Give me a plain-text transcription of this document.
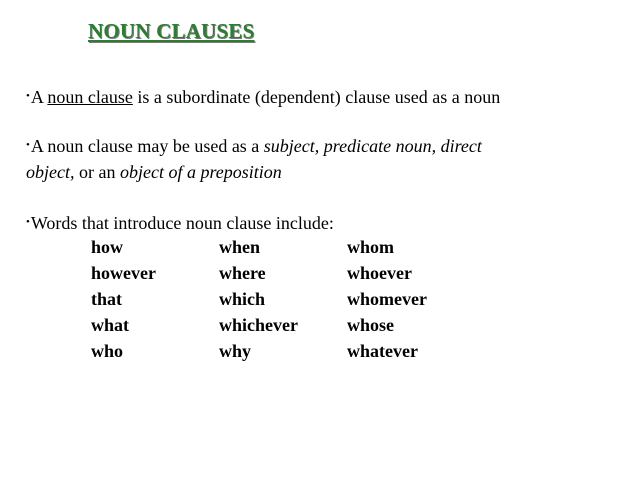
NOUN CLAUSES
•A noun clause is a subordinate (dependent) clause used as a noun
•A noun clause may be used as a subject, predicate noun, direct
object, or an object of a preposition
•Words that introduce noun clause include:
how	when	whom
however	where	whoever
that	which	whomever
what	whichever	whose
who	why	whatever
